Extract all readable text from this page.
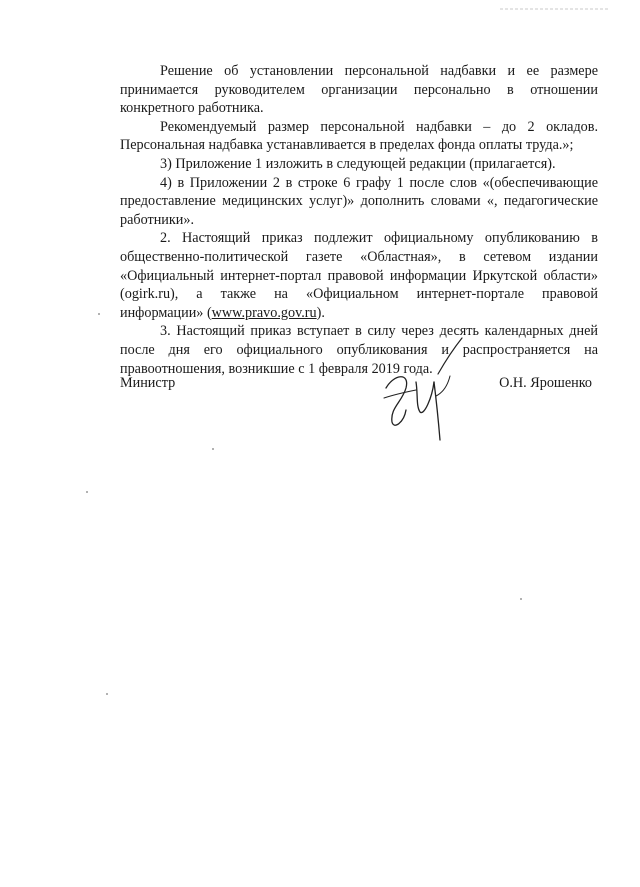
Решение об установлении персональной надбавки и ее размере принимается руководителем организации персонально в отношении конкретного работника.

Рекомендуемый размер персональной надбавки – до 2 окладов. Персональная надбавка устанавливается в пределах фонда оплаты труда.»;

3) Приложение 1 изложить в следующей редакции (прилагается).

4) в Приложении 2 в строке 6 графу 1 после слов «(обеспечивающие предоставление медицинских услуг)» дополнить словами «, педагогические работники».

2. Настоящий приказ подлежит официальному опубликованию в общественно-политической газете «Областная», в сетевом издании «Официальный интернет-портал правовой информации Иркутской области» (ogirk.ru), а также на «Официальном интернет-портале правовой информации» (www.pravo.gov.ru).

3. Настоящий приказ вступает в силу через десять календарных дней после дня его официального опубликования и распространяется на правоотношения, возникшие с 1 февраля 2019 года.

Министр	О.Н. Ярошенко
